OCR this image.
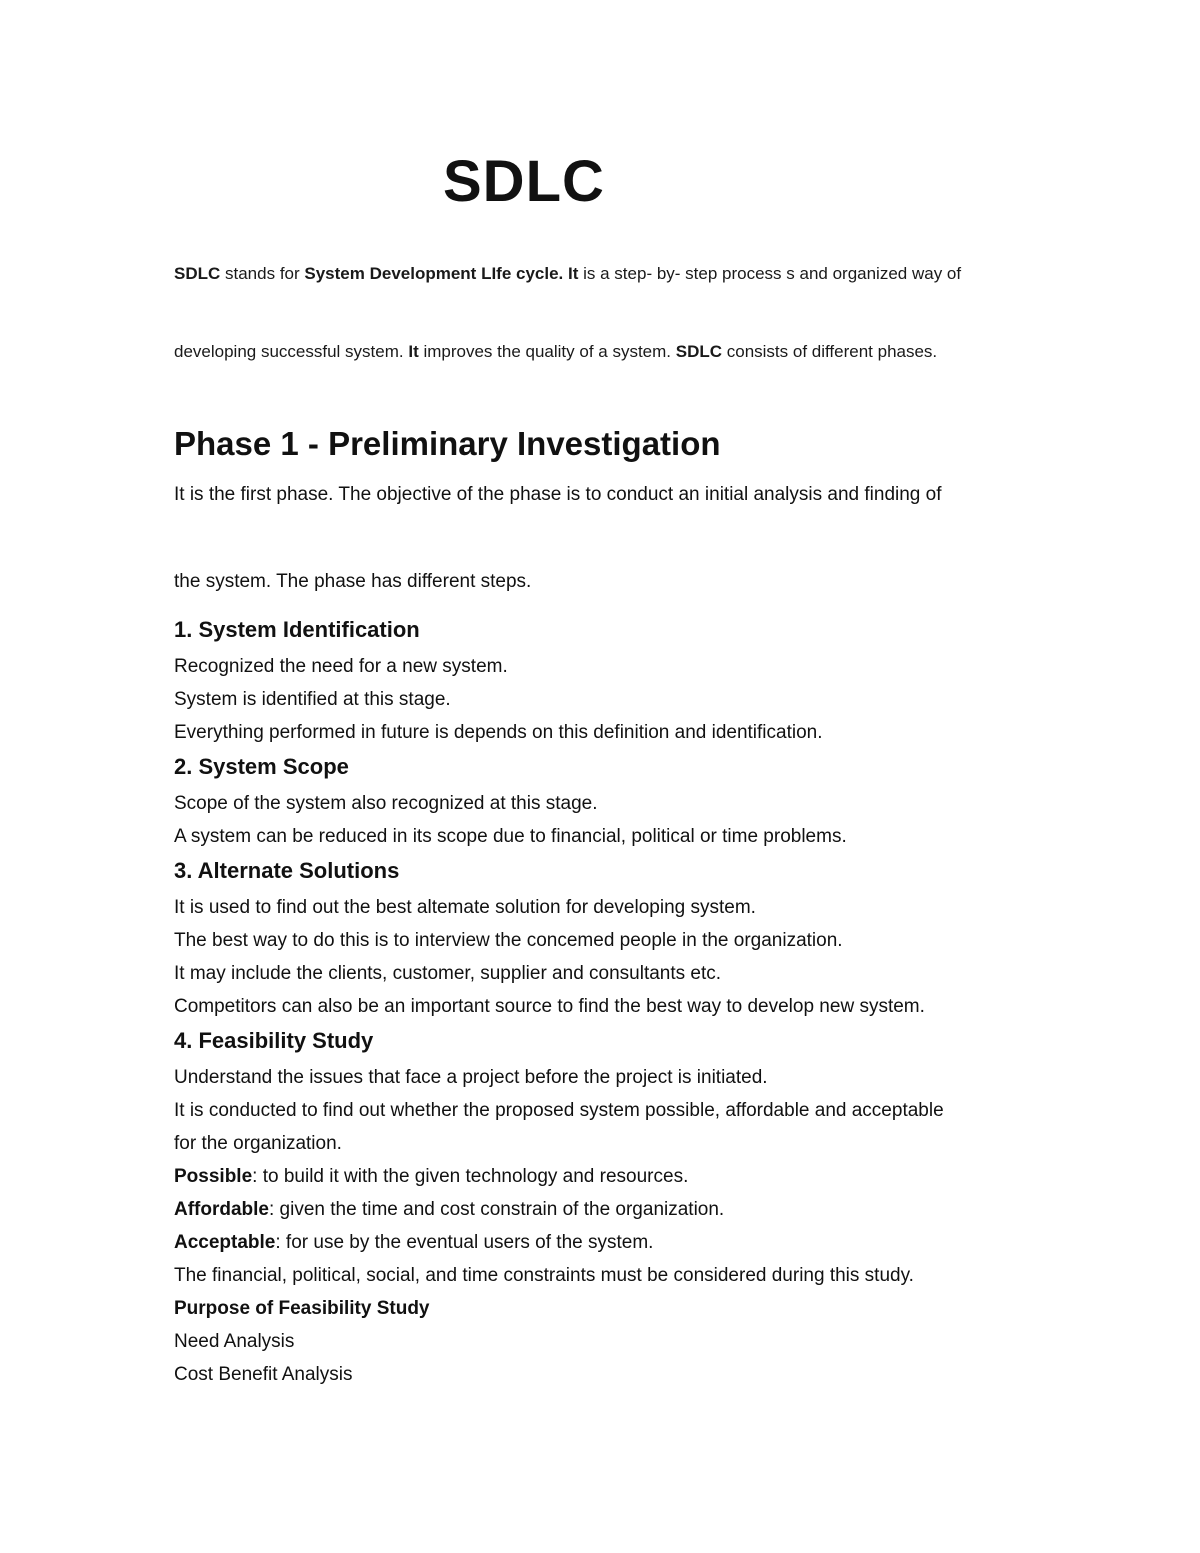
SDLC
SDLC stands for System Development LIfe cycle. It is a step- by- step process s and organized way of
developing successful system. It improves the quality of a system. SDLC consists of different phases.
Phase 1 - Preliminary Investigation
It is the first phase. The objective of the phase is to conduct an initial analysis and finding of
the system. The phase has different steps.
1. System Identification
Recognized the need for a new system.
System is identified at this stage.
Everything performed in future is depends on this definition and identification.
2. System Scope
Scope of the system also recognized at this stage.
A system can be reduced in its scope due to financial, political or time problems.
3. Alternate Solutions
It is used to find out the best altemate solution for developing system.
The best way to do this is to interview the concemed people in the organization.
It may include the clients, customer, supplier and consultants etc.
Competitors can also be an important source to find the best way to develop new system.
4. Feasibility Study
Understand the issues that face a project before the project is initiated.
It is conducted to find out whether the proposed system possible, affordable and acceptable
for the organization.
Possible: to build it with the given technology and resources.
Affordable: given the time and cost constrain of the organization.
Acceptable: for use by the eventual users of the system.
The financial, political, social, and time constraints must be considered during this study.
Purpose of Feasibility Study
Need Analysis
Cost Benefit Analysis
